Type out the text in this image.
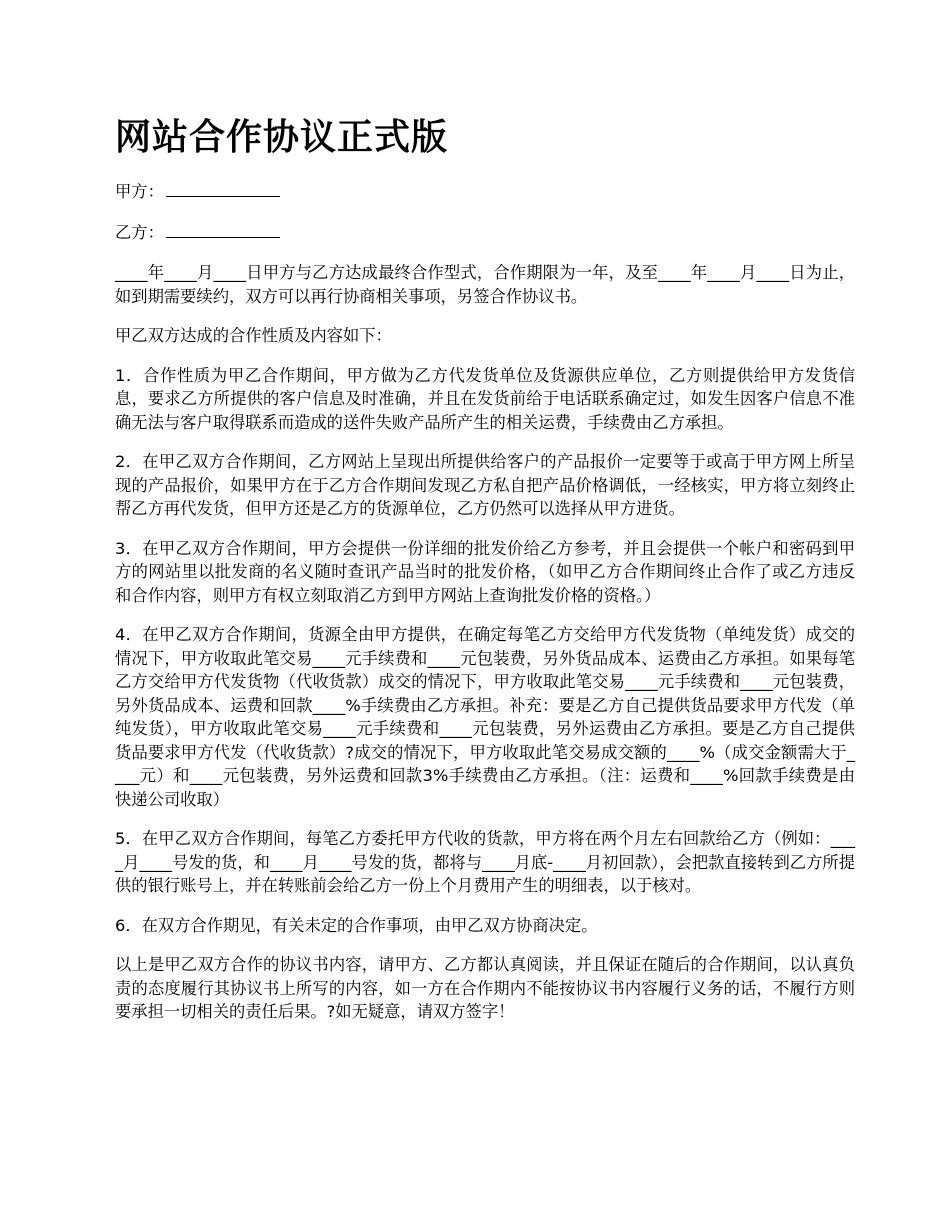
网站合作协议正式版
甲方：
乙方：

____年____月____日甲方与乙方达成最终合作型式，合作期限为一年，及至____年____月____日为止，如到期需要续约，双方可以再行协商相关事项，另签合作协议书。

甲乙双方达成的合作性质及内容如下：

1．合作性质为甲乙合作期间，甲方做为乙方代发货单位及货源供应单位，乙方则提供给甲方发货信息，要求乙方所提供的客户信息及时准确，并且在发货前给于电话联系确定过，如发生因客户信息不准确无法与客户取得联系而造成的送件失败产品所产生的相关运费，手续费由乙方承担。

2．在甲乙双方合作期间，乙方网站上呈现出所提供给客户的产品报价一定要等于或高于甲方网上所呈现的产品报价，如果甲方在于乙方合作期间发现乙方私自把产品价格调低，一经核实，甲方将立刻终止帮乙方再代发货，但甲方还是乙方的货源单位，乙方仍然可以选择从甲方进货。

3．在甲乙双方合作期间，甲方会提供一份详细的批发价给乙方参考，并且会提供一个帐户和密码到甲方的网站里以批发商的名义随时查讯产品当时的批发价格，（如甲乙方合作期间终止合作了或乙方违反和合作内容，则甲方有权立刻取消乙方到甲方网站上查询批发价格的资格。）

4．在甲乙双方合作期间，货源全由甲方提供，在确定每笔乙方交给甲方代发货物（单纯发货）成交的情况下，甲方收取此笔交易____元手续费和____元包装费，另外货品成本、运费由乙方承担。如果每笔乙方交给甲方代发货物（代收货款）成交的情况下，甲方收取此笔交易____元手续费和____元包装费，另外货品成本、运费和回款____%手续费由乙方承担。补充：要是乙方自己提供货品要求甲方代发（单纯发货），甲方收取此笔交易____元手续费和____元包装费，另外运费由乙方承担。要是乙方自己提供货品要求甲方代发（代收货款）?成交的情况下，甲方收取此笔交易成交额的____%（成交金额需大于____元）和____元包装费，另外运费和回款3%手续费由乙方承担。（注：运费和____%回款手续费是由快递公司收取）

5．在甲乙双方合作期间，每笔乙方委托甲方代收的货款，甲方将在两个月左右回款给乙方（例如：____月____号发的货，和____月____号发的货，都将与____月底-____月初回款），会把款直接转到乙方所提供的银行账号上，并在转账前会给乙方一份上个月费用产生的明细表，以于核对。

6．在双方合作期见，有关未定的合作事项，由甲乙双方协商决定。

以上是甲乙双方合作的协议书内容，请甲方、乙方都认真阅读，并且保证在随后的合作期间，以认真负责的态度履行其协议书上所写的内容，如一方在合作期内不能按协议书内容履行义务的话，不履行方则要承担一切相关的责任后果。?如无疑意，请双方签字！
